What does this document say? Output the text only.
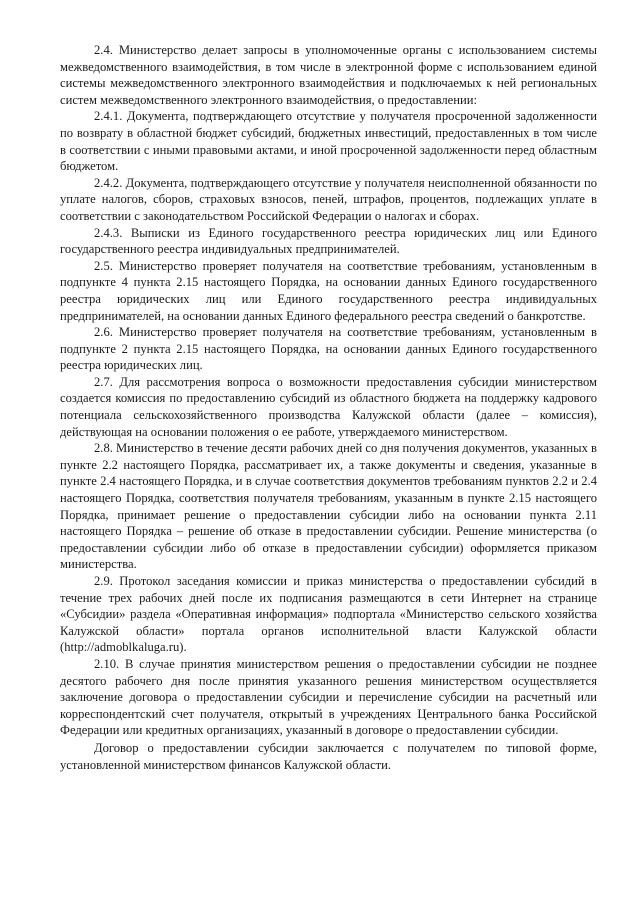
2.4. Министерство делает запросы в уполномоченные органы с использованием системы межведомственного взаимодействия, в том числе в электронной форме с использованием единой системы межведомственного электронного взаимодействия и подключаемых к ней региональных систем межведомственного электронного взаимодействия, о предоставлении:

2.4.1. Документа, подтверждающего отсутствие у получателя просроченной задолженности по возврату в областной бюджет субсидий, бюджетных инвестиций, предоставленных в том числе в соответствии с иными правовыми актами, и иной просроченной задолженности перед областным бюджетом.

2.4.2. Документа, подтверждающего отсутствие у получателя неисполненной обязанности по уплате налогов, сборов, страховых взносов, пеней, штрафов, процентов, подлежащих уплате в соответствии с законодательством Российской Федерации о налогах и сборах.

2.4.3. Выписки из Единого государственного реестра юридических лиц или Единого государственного реестра индивидуальных предпринимателей.

2.5. Министерство проверяет получателя на соответствие требованиям, установленным в подпункте 4 пункта 2.15 настоящего Порядка, на основании данных Единого государственного реестра юридических лиц или Единого государственного реестра индивидуальных предпринимателей, на основании данных Единого федерального реестра сведений о банкротстве.

2.6. Министерство проверяет получателя на соответствие требованиям, установленным в подпункте 2 пункта 2.15 настоящего Порядка, на основании данных Единого государственного реестра юридических лиц.

2.7. Для рассмотрения вопроса о возможности предоставления субсидии министерством создается комиссия по предоставлению субсидий из областного бюджета на поддержку кадрового потенциала сельскохозяйственного производства Калужской области (далее – комиссия), действующая на основании положения о ее работе, утверждаемого министерством.

2.8. Министерство в течение десяти рабочих дней со дня получения документов, указанных в пункте 2.2 настоящего Порядка, рассматривает их, а также документы и сведения, указанные в пункте 2.4 настоящего Порядка, и в случае соответствия документов требованиям пунктов 2.2 и 2.4 настоящего Порядка, соответствия получателя требованиям, указанным в пункте 2.15 настоящего Порядка, принимает решение о предоставлении субсидии либо на основании пункта 2.11 настоящего Порядка – решение об отказе в предоставлении субсидии. Решение министерства (о предоставлении субсидии либо об отказе в предоставлении субсидии) оформляется приказом министерства.

2.9. Протокол заседания комиссии и приказ министерства о предоставлении субсидий в течение трех рабочих дней после их подписания размещаются в сети Интернет на странице «Субсидии» раздела «Оперативная информация» подпортала «Министерство сельского хозяйства Калужской области» портала органов исполнительной власти Калужской области (http://admoblkaluga.ru).

2.10. В случае принятия министерством решения о предоставлении субсидии не позднее десятого рабочего дня после принятия указанного решения министерством осуществляется заключение договора о предоставлении субсидии и перечисление субсидии на расчетный или корреспондентский счет получателя, открытый в учреждениях Центрального банка Российской Федерации или кредитных организациях, указанный в договоре о предоставлении субсидии.

Договор о предоставлении субсидии заключается с получателем по типовой форме, установленной министерством финансов Калужской области.
